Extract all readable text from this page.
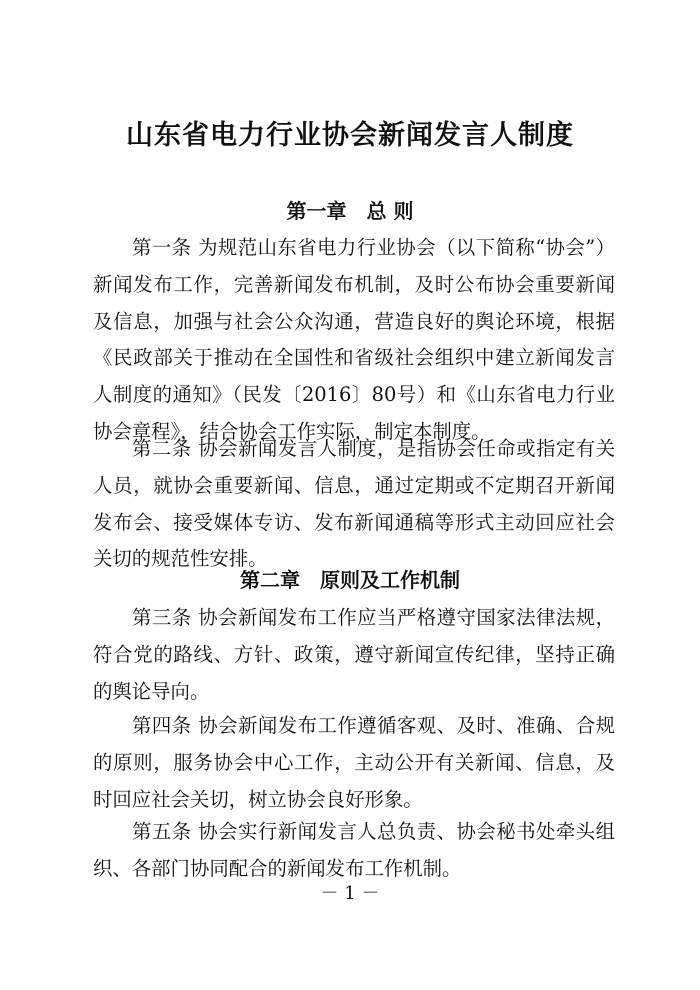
山东省电力行业协会新闻发言人制度
第一章　总 则

第一条 为规范山东省电力行业协会（以下简称“协会”）新闻发布工作，完善新闻发布机制，及时公布协会重要新闻及信息，加强与社会公众沟通，营造良好的舆论环境，根据《民政部关于推动在全国性和省级社会组织中建立新闻发言人制度的通知》（民发〔2016〕80号）和《山东省电力行业协会章程》，结合协会工作实际，制定本制度。

第二条 协会新闻发言人制度，是指协会任命或指定有关人员，就协会重要新闻、信息，通过定期或不定期召开新闻发布会、接受媒体专访、发布新闻通稿等形式主动回应社会关切的规范性安排。

第二章　原则及工作机制

第三条 协会新闻发布工作应当严格遵守国家法律法规，符合党的路线、方针、政策，遵守新闻宣传纪律，坚持正确的舆论导向。

第四条 协会新闻发布工作遵循客观、及时、准确、合规的原则，服务协会中心工作，主动公开有关新闻、信息，及时回应社会关切，树立协会良好形象。

第五条 协会实行新闻发言人总负责、协会秘书处牵头组织、各部门协同配合的新闻发布工作机制。

－ 1 －
